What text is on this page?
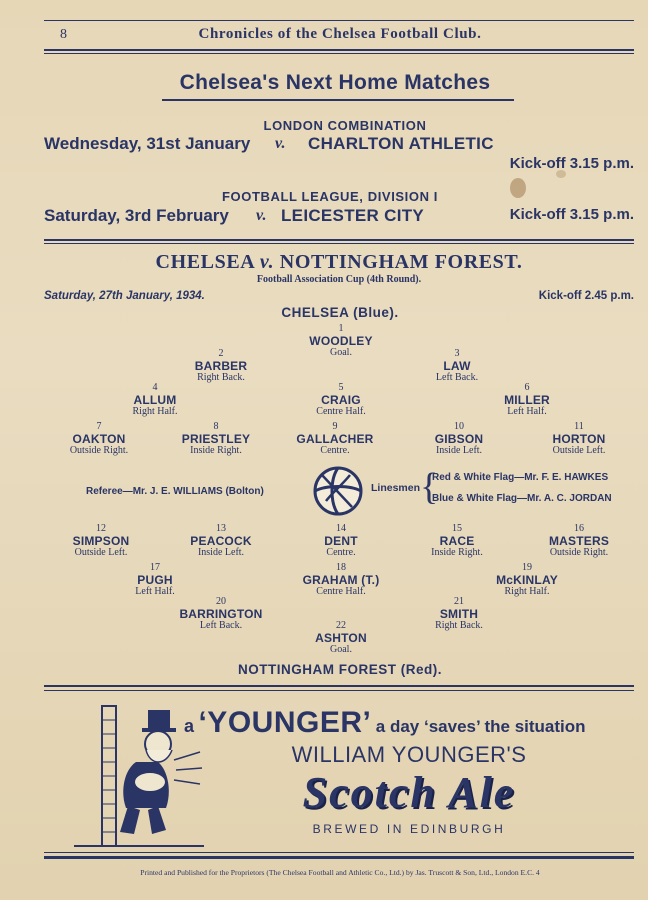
8	Chronicles of the Chelsea Football Club.
Chelsea's Next Home Matches
LONDON COMBINATION
Wednesday, 31st January v. CHARLTON ATHLETIC
Kick-off 3.15 p.m.
FOOTBALL LEAGUE, DIVISION I
Saturday, 3rd February v. LEICESTER CITY	Kick-off 3.15 p.m.
CHELSEA v. NOTTINGHAM FOREST.
Football Association Cup (4th Round).
Saturday, 27th January, 1934.	Kick-off 2.45 p.m.
CHELSEA (Blue).
1
WOODLEY
Goal.
2
BARBER
Right Back.
3
LAW
Left Back.
4
ALLUM
Right Half.
5
CRAIG
Centre Half.
6
MILLER
Left Half.
7
OAKTON
Outside Right.
8
PRIESTLEY
Inside Right.
9
GALLACHER
Centre.
10
GIBSON
Inside Left.
11
HORTON
Outside Left.
Referee—Mr. J. E. WILLIAMS (Bolton)	Linesmen {
Red & White Flag—Mr. F. E. HAWKES
Blue & White Flag—Mr. A. C. JORDAN
12
SIMPSON
Outside Left.
13
PEACOCK
Inside Left.
14
DENT
Centre.
15
RACE
Inside Right.
16
MASTERS
Outside Right.
17
PUGH
Left Half.
18
GRAHAM (T.)
Centre Half.
19
McKINLAY
Right Half.
20
BARRINGTON
Left Back.
21
SMITH
Right Back.
22
ASHTON
Goal.
NOTTINGHAM FOREST (Red).
a ‘YOUNGER’ a day ‘saves’ the situation
WILLIAM YOUNGER'S
Scotch Ale
BREWED IN EDINBURGH
Printed and Published for the Proprietors (The Chelsea Football and Athletic Co., Ltd.) by Jas. Truscott & Son, Ltd., London E.C. 4
